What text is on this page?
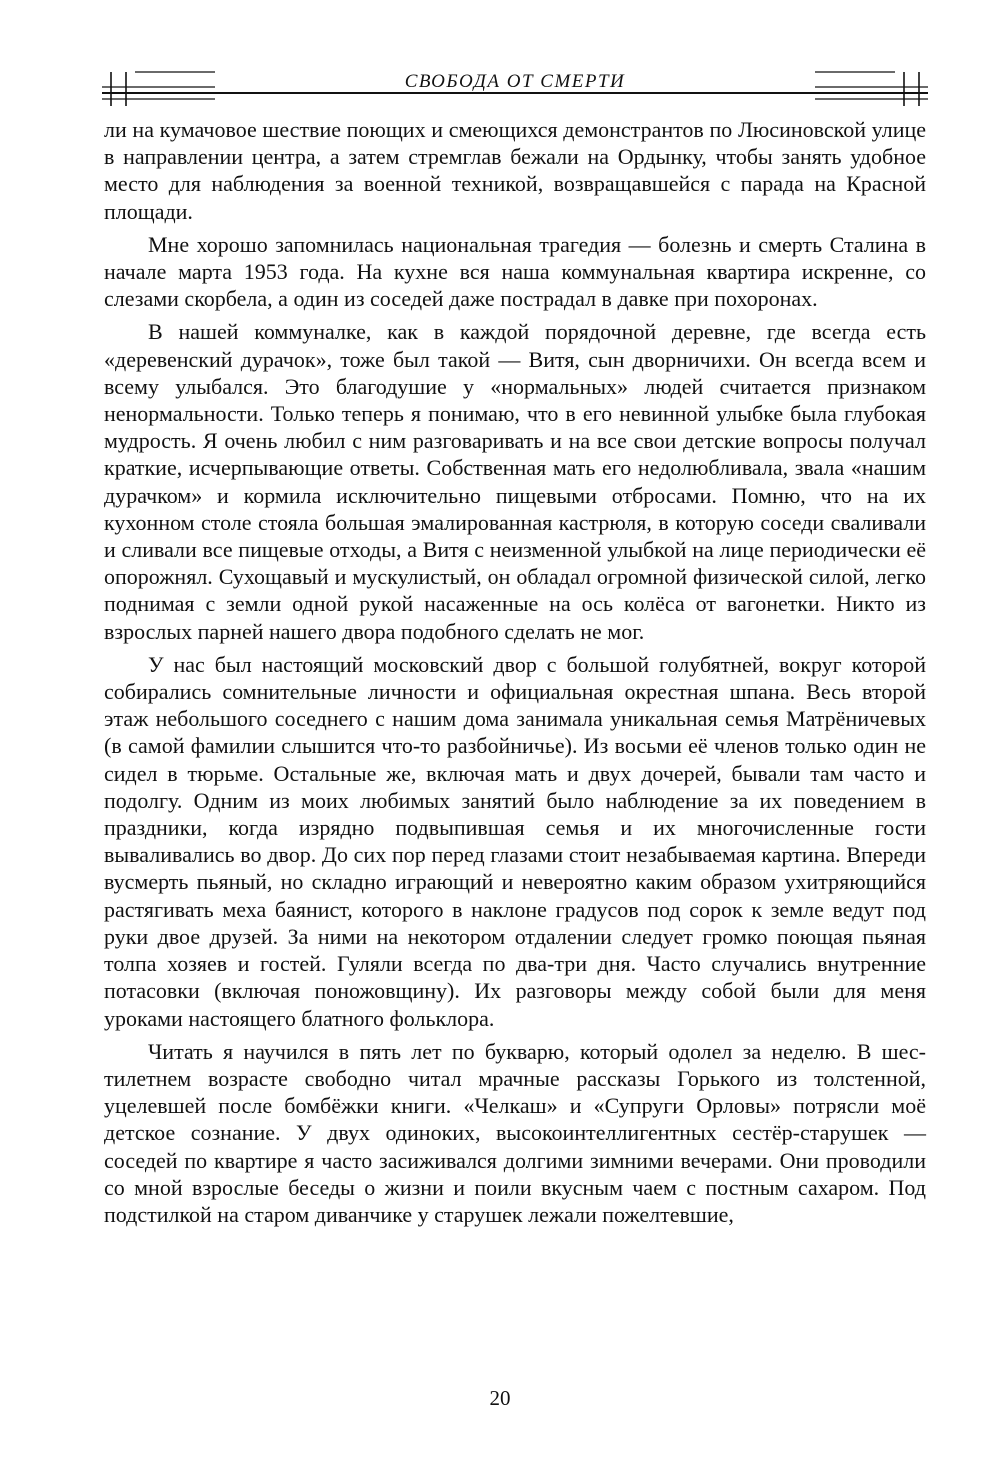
СВОБОДА ОТ СМЕРТИ

ли на кумачовое шествие поющих и смеющихся демонстрантов по Люсиновской улице в направлении центра, а затем стремглав бежали на Ордынку, чтобы занять удобное место для наблюдения за военной техникой, возвращавшейся с парада на Красной площади.

Мне хорошо запомнилась национальная трагедия — болезнь и смерть Сталина в начале марта 1953 года. На кухне вся наша коммунальная квартира искренне, со слезами скорбела, а один из соседей даже пострадал в давке при похоронах.

В нашей коммуналке, как в каждой порядочной деревне, где всегда есть «деревенский дурачок», тоже был такой — Витя, сын дворничихи. Он всегда всем и всему улыбался. Это благодушие у «нормальных» людей считается признаком ненормальности. Только теперь я понимаю, что в его невинной улыбке была глубокая мудрость. Я очень любил с ним разговаривать и на все свои детские вопросы получал краткие, исчерпывающие ответы. Собственная мать его недолюбливала, звала «нашим дурачком» и кормила исключительно пищевыми отбросами. Помню, что на их кухонном столе стояла большая эмалированная кастрюля, в которую соседи сваливали и сливали все пищевые отходы, а Витя с неизменной улыбкой на лице периодически её опорожнял. Сухощавый и мускулистый, он обладал огромной физической силой, легко поднимая с земли одной рукой насаженные на ось колёса от вагонетки. Никто из взрослых парней нашего двора подобного сделать не мог.

У нас был настоящий московский двор с большой голубятней, вокруг которой собирались сомнительные личности и официальная окрестная шпана. Весь второй этаж небольшого соседнего с нашим дома занимала уникальная семья Матрёничевых (в самой фамилии слышится что-то разбойничье). Из восьми её членов только один не сидел в тюрьме. Остальные же, включая мать и двух дочерей, бывали там часто и подолгу. Одним из моих любимых занятий было наблюдение за их поведением в праздники, когда изрядно подвыпившая семья и их многочисленные гости вываливались во двор. До сих пор перед глазами стоит незабываемая картина. Впереди вусмерть пьяный, но складно играющий и невероятно каким образом ухитряющийся растягивать меха баянист, которого в наклоне градусов под сорок к земле ведут под руки двое друзей. За ними на некотором отдалении следует громко поющая пьяная толпа хозяев и гостей. Гуляли всегда по два-три дня. Часто случались внутренние потасовки (включая поножовщину). Их разговоры между собой были для меня уроками настоящего блатного фольклора.

Читать я научился в пять лет по букварю, который одолел за неделю. В шестилетнем возрасте свободно читал мрачные рассказы Горького из толстенной, уцелевшей после бомбёжки книги. «Челкаш» и «Супруги Орловы» потрясли моё детское сознание. У двух одиноких, высокоинтеллигентных сестёр-старушек — соседей по квартире я часто засиживался долгими зимними вечерами. Они проводили со мной взрослые беседы о жизни и поили вкусным чаем с постным сахаром. Под подстилкой на старом диванчике у старушек лежали пожелтевшие,

20
